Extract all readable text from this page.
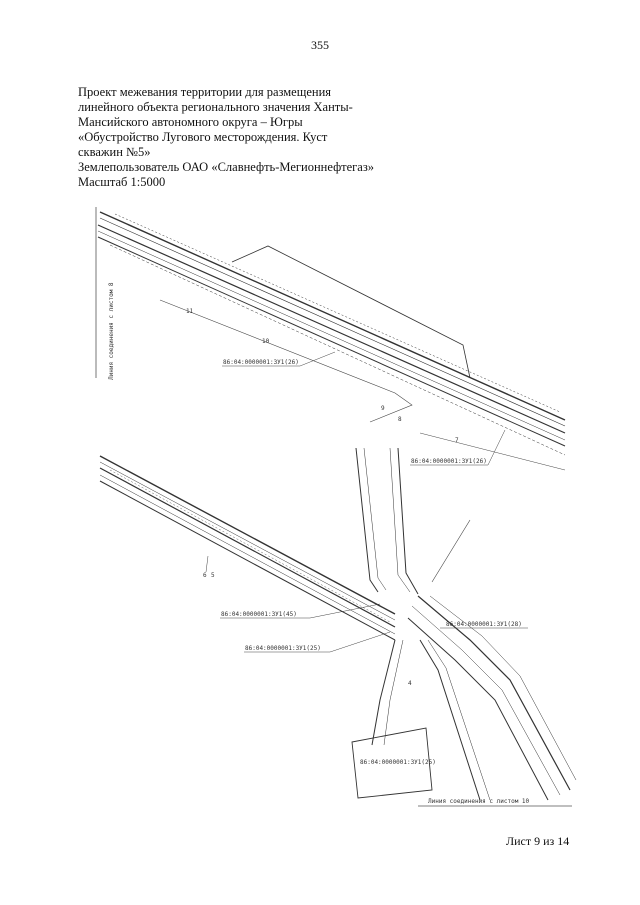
355
Проект межевания территории для размещения
линейного объекта регионального значения Ханты-
Мансийского автономного округа – Югры
«Обустройство Лугового месторождения. Куст
скважин №5»
Землепользователь ОАО «Славнефть-Мегионнефтегаз»
Масштаб 1:5000
Линия соединения с листом 8	11
10
9
8
7
86:04:0000001:3У1(26)
86:04:0000001:3У1(26)
6 5
4
86:04:0000001:3У1(45)
86:04:0000001:3У1(25)
86:04:0000001:3У1(28)
86:04:0000001:3У1(25)
Линия соединения с листом 10
Лист 9 из 14
